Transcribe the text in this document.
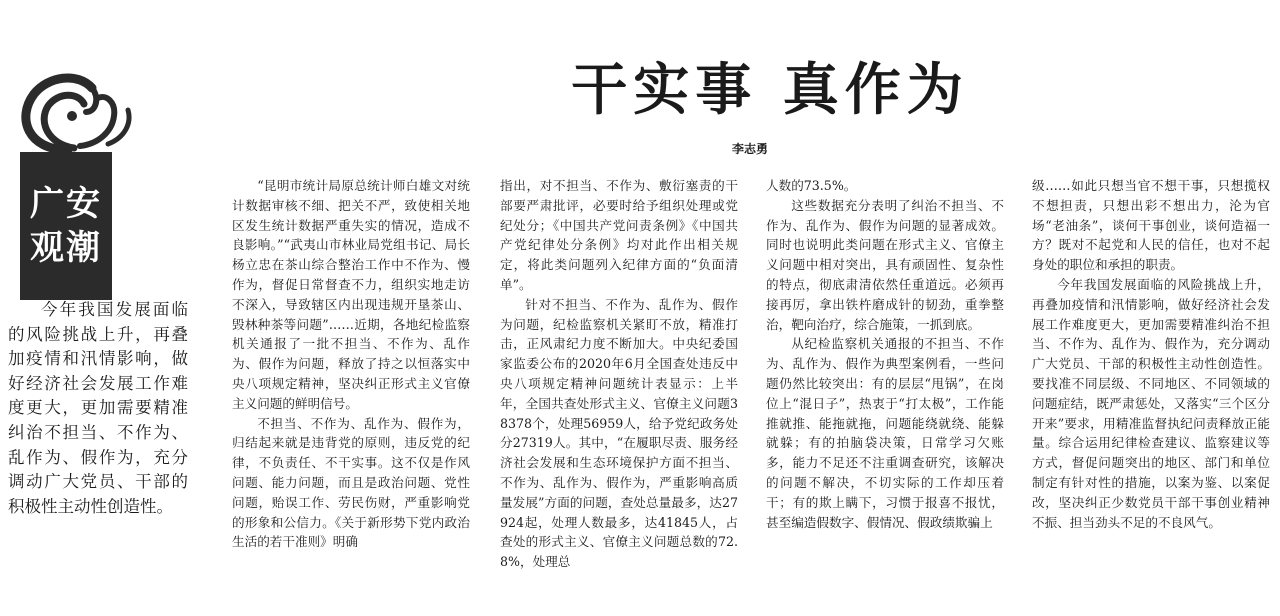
广安
观潮
干实事 真作为
李志勇

今年我国发展面临的风险挑战上升，再叠加疫情和汛情影响，做好经济社会发展工作难度更大，更加需要精准纠治不担当、不作为、乱作为、假作为，充分调动广大党员、干部的积极性主动性创造性。

“昆明市统计局原总统计师白雄文对统计数据审核不细、把关不严，致使相关地区发生统计数据严重失实的情况，造成不良影响。”“武夷山市林业局党组书记、局长杨立忠在茶山综合整治工作中不作为、慢作为，督促日常督查不力，组织实地走访不深入，导致辖区内出现违规开垦茶山、毁林种茶等问题”……近期，各地纪检监察机关通报了一批不担当、不作为、乱作为、假作为问题，释放了持之以恒落实中央八项规定精神，坚决纠正形式主义官僚主义问题的鲜明信号。

不担当、不作为、乱作为、假作为，归结起来就是违背党的原则，违反党的纪律，不负责任、不干实事。这不仅是作风问题、能力问题，而且是政治问题、党性问题，贻误工作、劳民伤财，严重影响党的形象和公信力。《关于新形势下党内政治生活的若干准则》明确

指出，对不担当、不作为、敷衍塞责的干部要严肃批评，必要时给予组织处理或党纪处分；《中国共产党问责条例》《中国共产党纪律处分条例》均对此作出相关规定，将此类问题列入纪律方面的“负面清单”。

针对不担当、不作为、乱作为、假作为问题，纪检监察机关紧盯不放，精准打击，正风肃纪力度不断加大。中央纪委国家监委公布的2020年6月全国查处违反中央八项规定精神问题统计表显示：上半年，全国共查处形式主义、官僚主义问题38378个，处理56959人，给予党纪政务处分27319人。其中，“在履职尽责、服务经济社会发展和生态环境保护方面不担当、不作为、乱作为、假作为，严重影响高质量发展”方面的问题，查处总量最多，达27924起，处理人数最多，达41845人，占查处的形式主义、官僚主义问题总数的72.8%，处理总

人数的73.5%。

这些数据充分表明了纠治不担当、不作为、乱作为、假作为问题的显著成效。同时也说明此类问题在形式主义、官僚主义问题中相对突出，具有顽固性、复杂性的特点，彻底肃清依然任重道远。必须再接再厉，拿出铁杵磨成针的韧劲，重拳整治，靶向治疗，综合施策，一抓到底。

从纪检监察机关通报的不担当、不作为、乱作为、假作为典型案例看，一些问题仍然比较突出：有的层层“甩锅”，在岗位上“混日子”，热衷于“打太极”，工作能推就推、能拖就拖，问题能绕就绕、能躲就躲；有的拍脑袋决策，日常学习欠账多，能力不足还不注重调查研究，该解决的问题不解决，不切实际的工作却压着干；有的欺上瞒下，习惯于报喜不报忧，甚至编造假数字、假情况、假政绩欺骗上

级……如此只想当官不想干事，只想揽权不想担责，只想出彩不想出力，沦为官场“老油条”，谈何干事创业，谈何造福一方？既对不起党和人民的信任，也对不起身处的职位和承担的职责。

今年我国发展面临的风险挑战上升，再叠加疫情和汛情影响，做好经济社会发展工作难度更大，更加需要精准纠治不担当、不作为、乱作为、假作为，充分调动广大党员、干部的积极性主动性创造性。要找准不同层级、不同地区、不同领域的问题症结，既严肃惩处，又落实“三个区分开来”要求，用精准监督执纪问责释放正能量。综合运用纪律检查建议、监察建议等方式，督促问题突出的地区、部门和单位制定有针对性的措施，以案为鉴、以案促改，坚决纠正少数党员干部干事创业精神不振、担当劲头不足的不良风气。
